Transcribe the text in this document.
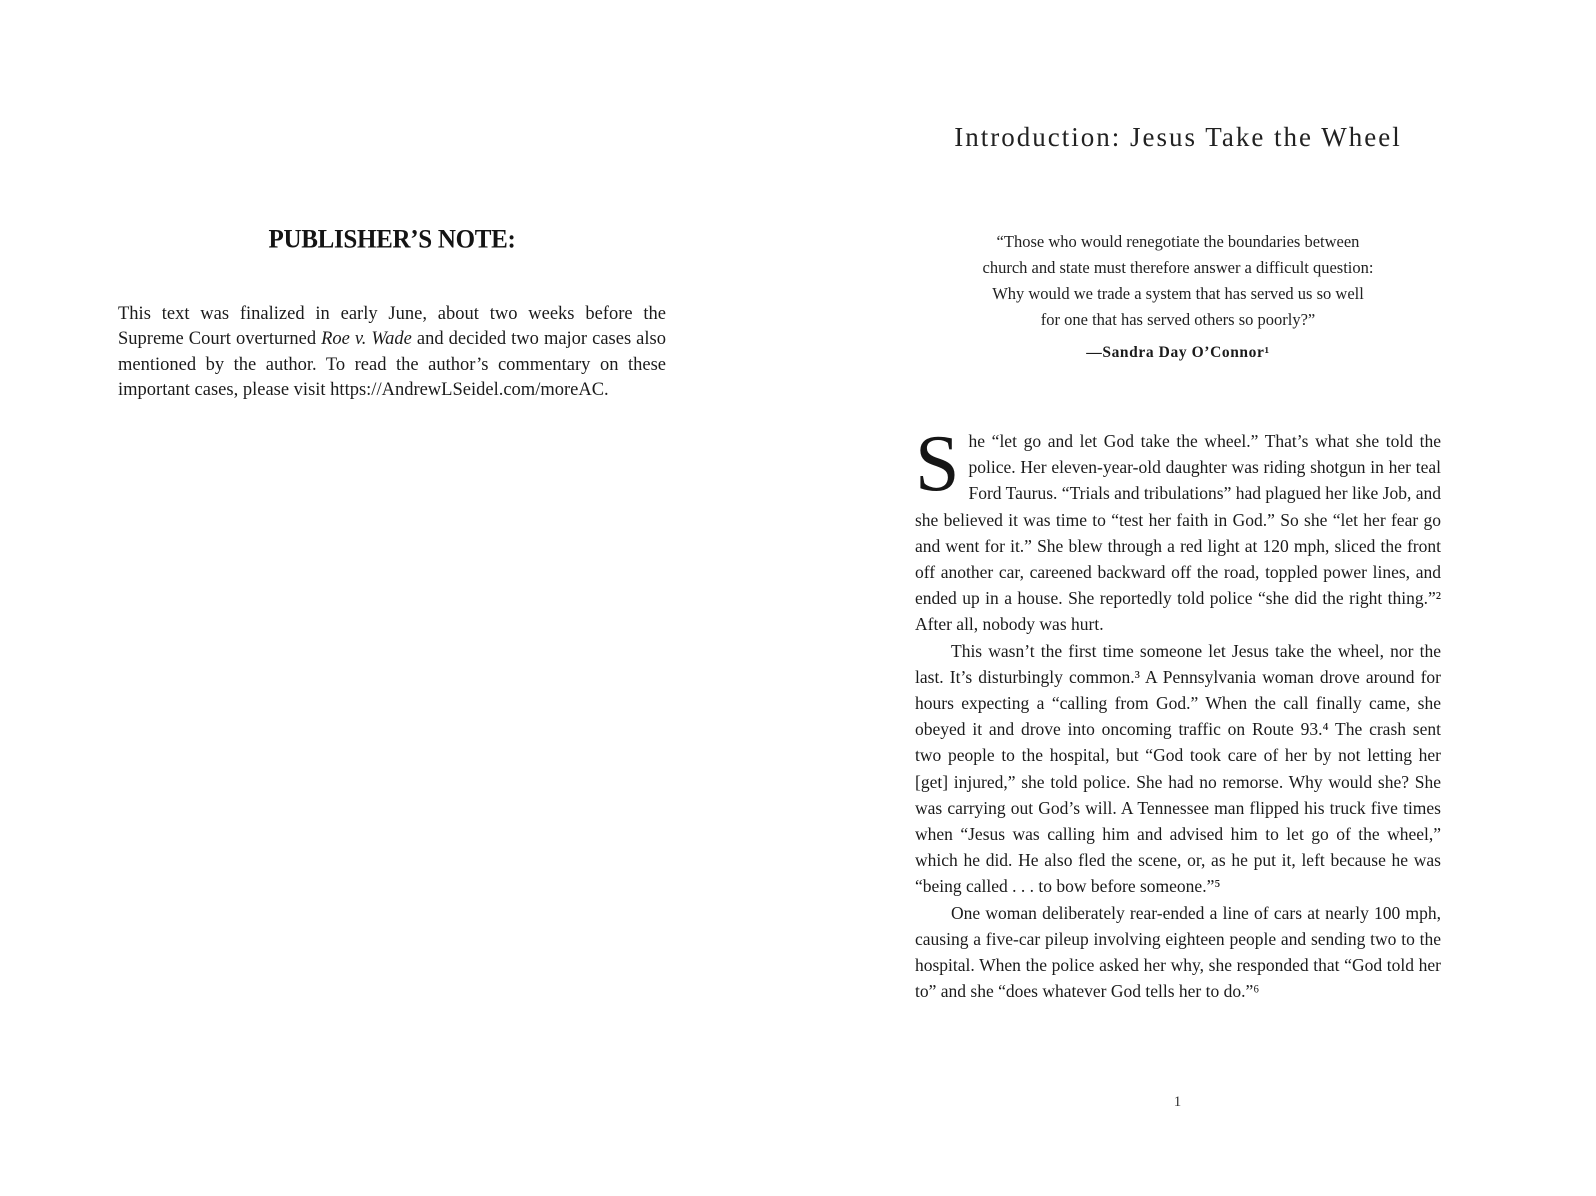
PUBLISHER’S NOTE:

This text was finalized in early June, about two weeks before the Supreme Court overturned Roe v. Wade and decided two major cases also mentioned by the author. To read the author’s commentary on these important cases, please visit https://AndrewLSeidel.com/moreAC.

Introduction: Jesus Take the Wheel
“Those who would renegotiate the boundaries between
church and state must therefore answer a difficult question:
Why would we trade a system that has served us so well
for one that has served others so poorly?”
—Sandra Day O’Connor¹

She “let go and let God take the wheel.” That’s what she told the police. Her eleven-year-old daughter was riding shotgun in her teal Ford Taurus. “Trials and tribulations” had plagued her like Job, and she believed it was time to “test her faith in God.” So she “let her fear go and went for it.” She blew through a red light at 120 mph, sliced the front off another car, careened backward off the road, toppled power lines, and ended up in a house. She reportedly told police “she did the right thing.”² After all, nobody was hurt.

This wasn’t the first time someone let Jesus take the wheel, nor the last. It’s disturbingly common.³ A Pennsylvania woman drove around for hours expecting a “calling from God.” When the call finally came, she obeyed it and drove into oncoming traffic on Route 93.⁴ The crash sent two people to the hospital, but “God took care of her by not letting her [get] injured,” she told police. She had no remorse. Why would she? She was carrying out God’s will. A Tennessee man flipped his truck five times when “Jesus was calling him and advised him to let go of the wheel,” which he did. He also fled the scene, or, as he put it, left because he was “being called . . . to bow before someone.”⁵

One woman deliberately rear-ended a line of cars at nearly 100 mph, causing a five-car pileup involving eighteen people and sending two to the hospital. When the police asked her why, she responded that “God told her to” and she “does whatever God tells her to do.”⁶

1
